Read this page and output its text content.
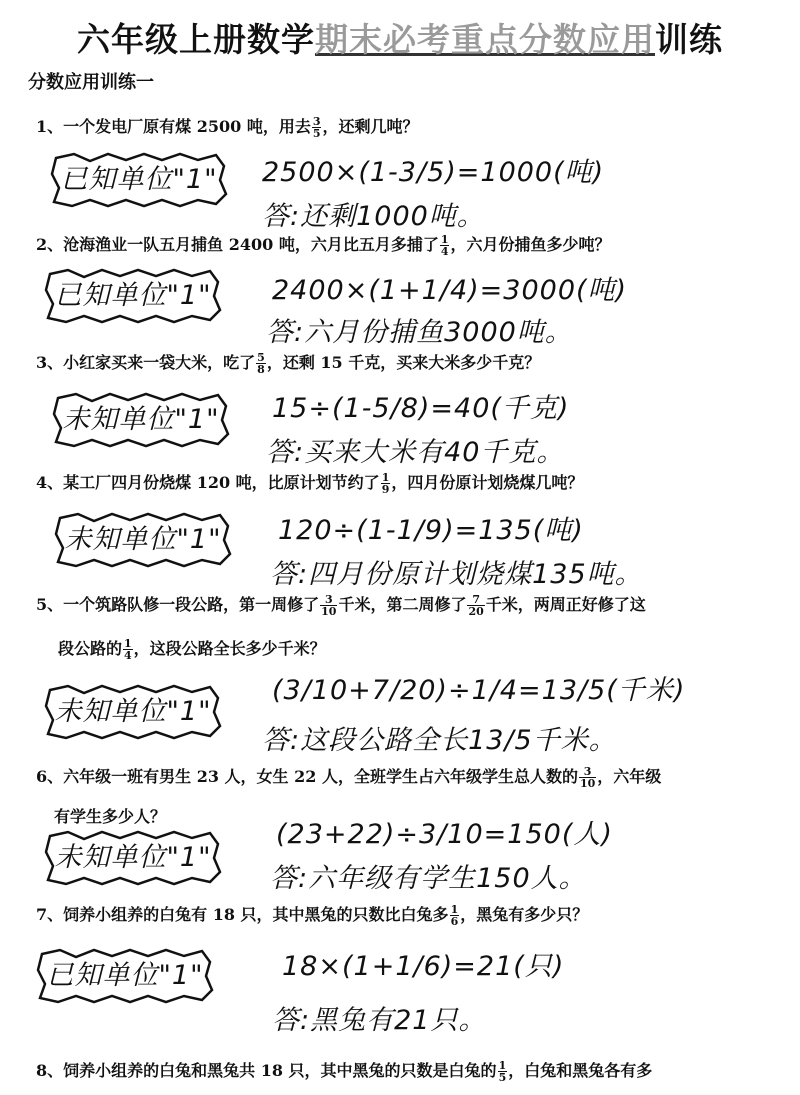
六年级上册数学期末必考重点分数应用训练
分数应用训练一
1、一个发电厂原有煤 2500 吨，用去 $\frac{3}{5}$ ，还剩几吨？
已知单位"1"	2500×(1-3/5)=1000(吨)
答:还剩1000吨。
2、沧海渔业一队五月捕鱼 2400 吨，六月比五月多捕了 $\frac{1}{4}$ ，六月份捕鱼多少吨？
已知单位"1"	2400×(1+1/4)=3000(吨)
答:六月份捕鱼3000吨。
3、小红家买来一袋大米，吃了 $\frac{5}{8}$ ，还剩 15 千克，买来大米多少千克？
未知单位"1"	15÷(1-5/8)=40(千克)
答:买来大米有40千克。
4、某工厂四月份烧煤 120 吨，比原计划节约了 $\frac{1}{9}$ ，四月份原计划烧煤几吨？
未知单位"1"	120÷(1-1/9)=135(吨)
答:四月份原计划烧煤135吨。
5、一个筑路队修一段公路，第一周修了 $\frac{3}{10}$ 千米，第二周修了 $\frac{7}{20}$ 千米，两周正好修了这
段公路的 $\frac{1}{4}$ ，这段公路全长多少千米？
未知单位"1"
(3/10+7/20)÷1/4=13/5(千米)
答:这段公路全长13/5千米。
6、六年级一班有男生 23 人，女生 22 人，全班学生占六年级学生总人数的 $\frac{3}{10}$ ，六年级
有学生多少人？
未知单位"1"
(23+22)÷3/10=150(人)
答:六年级有学生150人。
7、饲养小组养的白兔有 18 只，其中黑兔的只数比白兔多 $\frac{1}{6}$ ，黑兔有多少只？
已知单位"1"	18×(1+1/6)=21(只)
答:黑兔有21只。
8、饲养小组养的白兔和黑兔共 18 只，其中黑兔的只数是白兔的 $\frac{1}{5}$ ，白兔和黑兔各有多
